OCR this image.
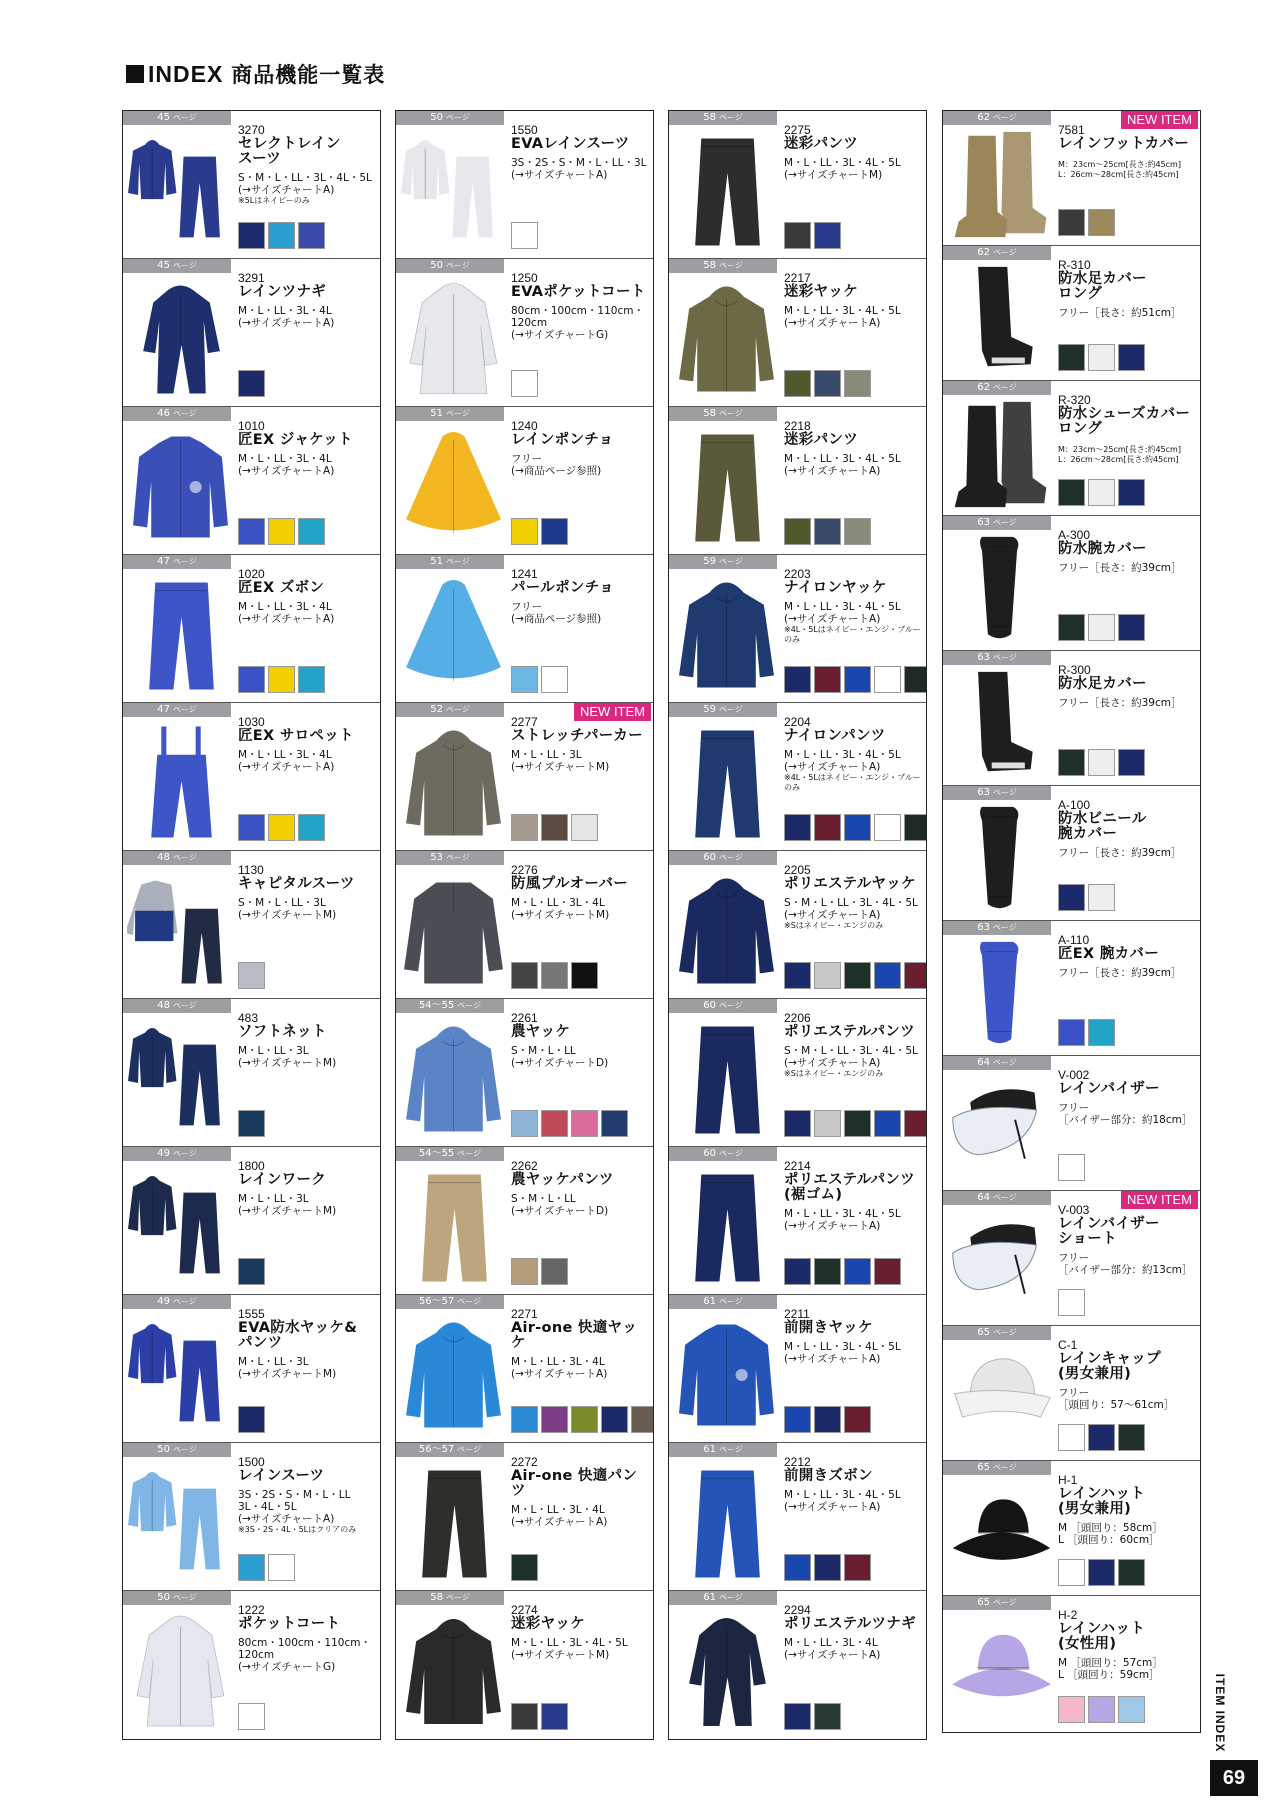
INDEX 商品機能一覧表
45 ページ
3270
セレクトレイン
スーツ
S・M・L・LL・3L・4L・5L
(→サイズチャートA)
※5Lはネイビーのみ
45 ページ
3291
レインツナギ
M・L・LL・3L・4L
(→サイズチャートA)
46 ページ
1010
匠EX ジャケット
M・L・LL・3L・4L
(→サイズチャートA)
47 ページ
1020
匠EX ズボン
M・L・LL・3L・4L
(→サイズチャートA)
47 ページ
1030
匠EX サロペット
M・L・LL・3L・4L
(→サイズチャートA)
48 ページ
1130
キャピタルスーツ
S・M・L・LL・3L
(→サイズチャートM)
48 ページ
483
ソフトネット
M・L・LL・3L
(→サイズチャートM)
49 ページ
1800
レインワーク
M・L・LL・3L
(→サイズチャートM)
49 ページ
1555
EVA防水ヤッケ&
パンツ
M・L・LL・3L
(→サイズチャートM)
50 ページ
1500
レインスーツ
3S・2S・S・M・L・LL
3L・4L・5L
(→サイズチャートA)
※3S・2S・4L・5Lはクリアのみ
50 ページ
1222
ポケットコート
80cm・100cm・110cm・120cm
(→サイズチャートG)
50 ページ
1550
EVAレインスーツ
3S・2S・S・M・L・LL・3L
(→サイズチャートA)
50 ページ
1250
EVAポケットコート
80cm・100cm・110cm・120cm
(→サイズチャートG)
51 ページ
1240
レインポンチョ
フリー
(→商品ページ参照)
51 ページ
1241
パールポンチョ
フリー
(→商品ページ参照)
52 ページ	NEW ITEM
2277
ストレッチパーカー
M・L・LL・3L
(→サイズチャートM)
53 ページ
2276
防風プルオーバー
M・L・LL・3L・4L
(→サイズチャートM)
54～55 ページ
2261
農ヤッケ
S・M・L・LL
(→サイズチャートD)
54～55 ページ
2262
農ヤッケパンツ
S・M・L・LL
(→サイズチャートD)
56～57 ページ
2271
Air-one 快適ヤッケ
M・L・LL・3L・4L
(→サイズチャートA)
56～57 ページ
2272
Air-one 快適パンツ
M・L・LL・3L・4L
(→サイズチャートA)
58 ページ
2274
迷彩ヤッケ
M・L・LL・3L・4L・5L
(→サイズチャートM)
58 ページ
2275
迷彩パンツ
M・L・LL・3L・4L・5L
(→サイズチャートM)
58 ページ
2217
迷彩ヤッケ
M・L・LL・3L・4L・5L
(→サイズチャートA)
58 ページ
2218
迷彩パンツ
M・L・LL・3L・4L・5L
(→サイズチャートA)
59 ページ
2203
ナイロンヤッケ
M・L・LL・3L・4L・5L
(→サイズチャートA)
※4L・5Lはネイビー・エンジ・ブルーのみ
59 ページ
2204
ナイロンパンツ
M・L・LL・3L・4L・5L
(→サイズチャートA)
※4L・5Lはネイビー・エンジ・ブルーのみ
60 ページ
2205
ポリエステルヤッケ
S・M・L・LL・3L・4L・5L
(→サイズチャートA)
※Sはネイビー・エンジのみ
60 ページ
2206
ポリエステルパンツ
S・M・L・LL・3L・4L・5L
(→サイズチャートA)
※Sはネイビー・エンジのみ
60 ページ
2214
ポリエステルパンツ
(裾ゴム)
M・L・LL・3L・4L・5L
(→サイズチャートA)
61 ページ
2211
前開きヤッケ
M・L・LL・3L・4L・5L
(→サイズチャートA)
61 ページ
2212
前開きズボン
M・L・LL・3L・4L・5L
(→サイズチャートA)
61 ページ
2294
ポリエステルツナギ
M・L・LL・3L・4L
(→サイズチャートA)
62 ページ	NEW ITEM
7581
レインフットカバー
M：23cm～25cm[長さ:約45cm]
L：26cm～28cm[長さ:約45cm]
62 ページ
R-310
防水足カバー
ロング
フリー［長さ：約51cm］
62 ページ
R-320
防水シューズカバー
ロング
M：23cm～25cm[長さ:約45cm]
L：26cm～28cm[長さ:約45cm]
63 ページ
A-300
防水腕カバー
フリー［長さ：約39cm］
63 ページ
R-300
防水足カバー
フリー［長さ：約39cm］
63 ページ
A-100
防水ビニール
腕カバー
フリー［長さ：約39cm］
63 ページ
A-110
匠EX 腕カバー
フリー［長さ：約39cm］
64 ページ
V-002
レインバイザー
フリー
［バイザー部分：約18cm］
64 ページ	NEW ITEM
V-003
レインバイザー
ショート
フリー
［バイザー部分：約13cm］
65 ページ
C-1
レインキャップ
(男女兼用)
フリー
［頭回り：57～61cm］
65 ページ
H-1
レインハット
(男女兼用)
M ［頭回り：58cm］
L ［頭回り：60cm］
65 ページ
H-2
レインハット
(女性用)
M ［頭回り：57cm］
L ［頭回り：59cm］	ITEM INDEX
69
